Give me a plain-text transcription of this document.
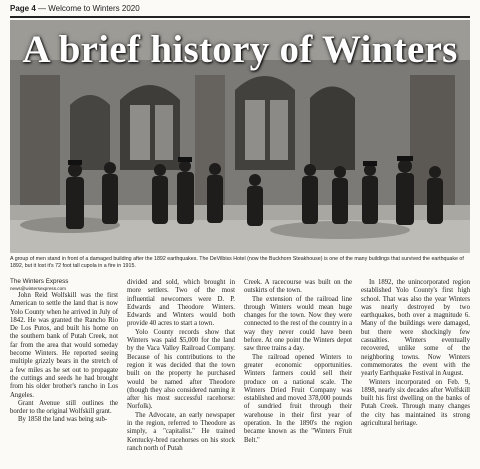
Page 4 — Welcome to Winters 2020
A brief history of Winters
A group of men stand in front of a damaged building after the 1892 earthquakes. The DeVilbiss Hotel (now the Buckhorn Steakhouse) is one of the many buildings that survived the earthquake of 1892, but it lost it's 72 foot tall cupola in a fire in 1915.
The Winters Express
news@wintersexpress.com

John Reid Wolfskill was the first American to settle the land that is now Yolo County when he arrived in July of 1842. He was granted the Rancho Rio De Los Putos, and built his home on the southern bank of Putah Creek, not far from the area that would someday become Winters. He reported seeing multiple grizzly bears in the stretch of a few miles as he set out to propagate the cuttings and seeds he had brought from his older brother's rancho in Los Angeles.

Grant Avenue still outlines the border to the original Wolfskill grant.

By 1858 the land was being sub-

divided and sold, which brought in more settlers. Two of the most influential newcomers were D. P. Edwards and Theodore Winters. Edwards and Winters would both provide 40 acres to start a town.

Yolo County records show that Winters was paid $5,000 for the land by the Vaca Valley Railroad Company. Because of his contributions to the region it was decided that the town built on the property he purchased would be named after Theodore (though they also considered naming it after his most successful racehorse: Norfolk).

The Advocate, an early newspaper in the region, referred to Theodore as simply, a "capitalist." He trained Kentucky-bred racehorses on his stock ranch north of Putah

Creek. A racecourse was built on the outskirts of the town.

The extension of the railroad line through Winters would mean huge changes for the town. Now they were connected to the rest of the country in a way they never could have been before. At one point the Winters depot saw three trains a day.

The railroad opened Winters to greater economic opportunities. Winters farmers could sell their produce on a national scale. The Winters Dried Fruit Company was established and moved 378,000 pounds of sundried fruit through their warehouse in their first year of operation. In the 1890's the region became known as the "Winters Fruit Belt."

In 1892, the unincorporated region established Yolo County's first high school. That was also the year Winters was nearly destroyed by two earthquakes, both over a magnitude 6. Many of the buildings were damaged, but there were shockingly few casualties. Winters eventually recovered, unlike some of the neighboring towns. Now Winters commemorates the event with the yearly Earthquake Festival in August.

Winters incorporated on Feb. 9, 1898, nearly six decades after Wolfskill built his first dwelling on the banks of Putah Creek. Through many changes the city has maintained its strong agricultural heritage.
